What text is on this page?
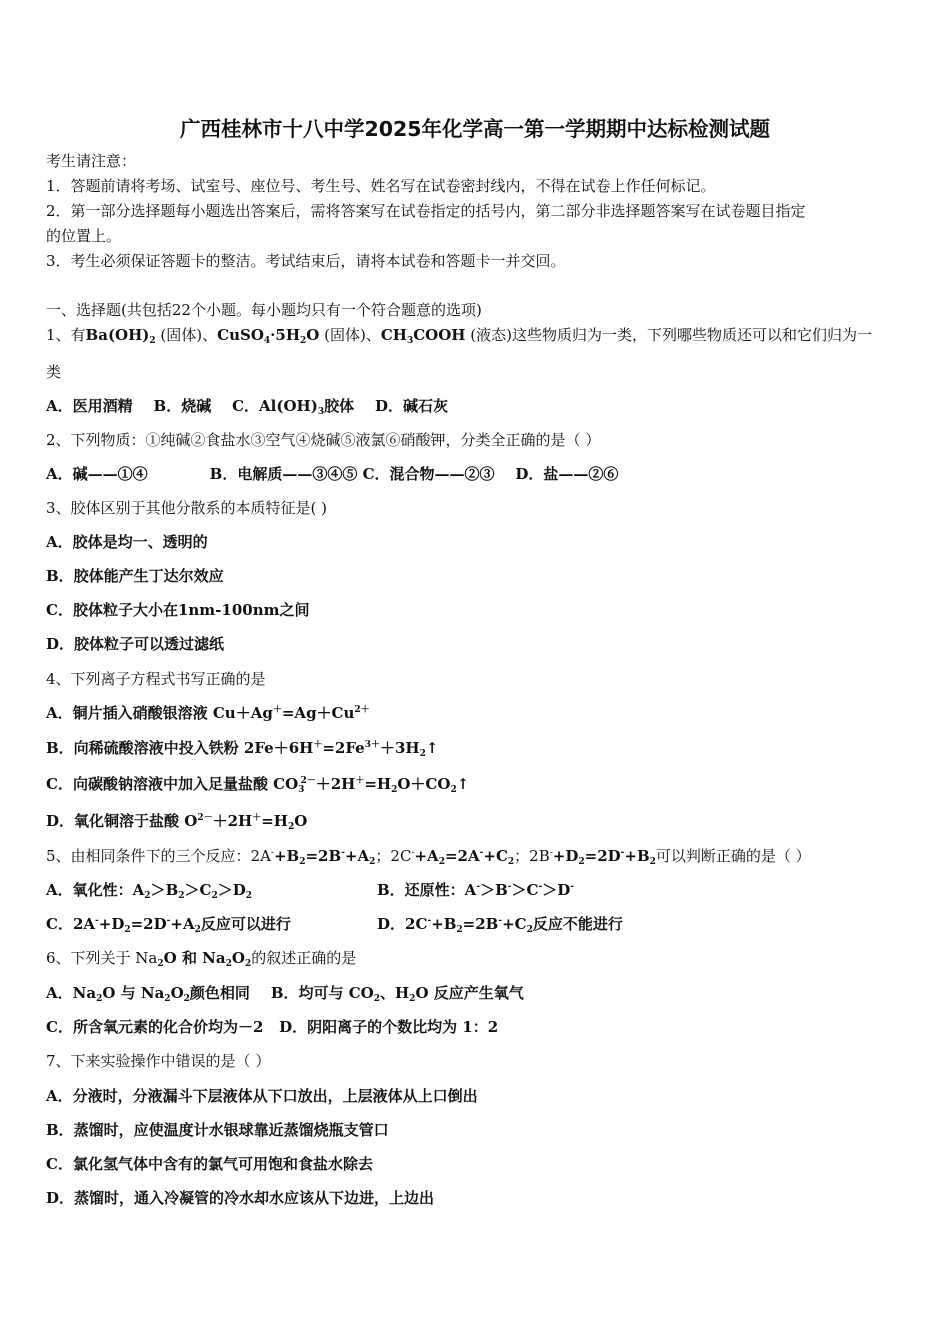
广西桂林市十八中学2025年化学高一第一学期期中达标检测试题
考生请注意：
1．答题前请将考场、试室号、座位号、考生号、姓名写在试卷密封线内，不得在试卷上作任何标记。
2．第一部分选择题每小题选出答案后，需将答案写在试卷指定的括号内，第二部分非选择题答案写在试卷题目指定
的位置上。
3．考生必须保证答题卡的整洁。考试结束后，请将本试卷和答题卡一并交回。
一、选择题(共包括22个小题。每小题均只有一个符合题意的选项)
1、有$Ba(OH)_2$ (固体)、$CuSO_4\cdot 5H_2O$ (固体)、$CH_3COOH$ (液态)这些物质归为一类，下列哪些物质还可以和它们归为一
类
A．医用酒精 B．烧碱 C．$Al(OH)_3$胶体 D．碱石灰
2、下列物质：①纯碱②食盐水③空气④烧碱⑤液氯⑥硝酸钾，分类全正确的是（ ）
A．碱——①④	B．电解质——③④⑤ C．混合物——②③ D．盐——②⑥
3、胶体区别于其他分散系的本质特征是( )
A．胶体是均一、透明的
B．胶体能产生丁达尔效应
C．胶体粒子大小在1nm-100nm之间
D．胶体粒子可以透过滤纸
4、下列离子方程式书写正确的是
A．铜片插入硝酸银溶液 $Cu+Ag^+=Ag+Cu^{2+}$
B．向稀硫酸溶液中投入铁粉 $2Fe+6H^+=2Fe^{3+}+3H_2↑$
C．向碳酸钠溶液中加入足量盐酸 $CO_3^{2-}+2H^+=H_2O+CO_2↑$
D．氧化铜溶于盐酸 $O^{2-}+2H^+=H_2O$
5、由相同条件下的三个反应：$2A^-+B_2=2B^-+A_2$；$2C^-+A_2=2A^-+C_2$；$2B^-+D_2=2D^-+B_2$可以判断正确的是（ ）
A．氧化性：$A_2>B_2>C_2>D_2$	B．还原性：A-＞B-＞C-＞D-
C．$2A^-+D_2=2D^-+A_2$反应可以进行	D．$2C^-+B_2=2B^-+C_2$反应不能进行
6、下列关于 $Na_2O$ 和 $Na_2O_2$的叙述正确的是
A．$Na_2O$ 与 $Na_2O_2$颜色相同 B．均可与 $CO_2$、$H_2O$ 反应产生氧气
C．所含氧元素的化合价均为－2 D．阴阳离子的个数比均为 1：2
7、下来实验操作中错误的是（ ）
A．分液时，分液漏斗下层液体从下口放出，上层液体从上口倒出
B．蒸馏时，应使温度计水银球靠近蒸馏烧瓶支管口
C．氯化氢气体中含有的氯气可用饱和食盐水除去
D．蒸馏时，通入冷凝管的冷水却水应该从下边进，上边出
